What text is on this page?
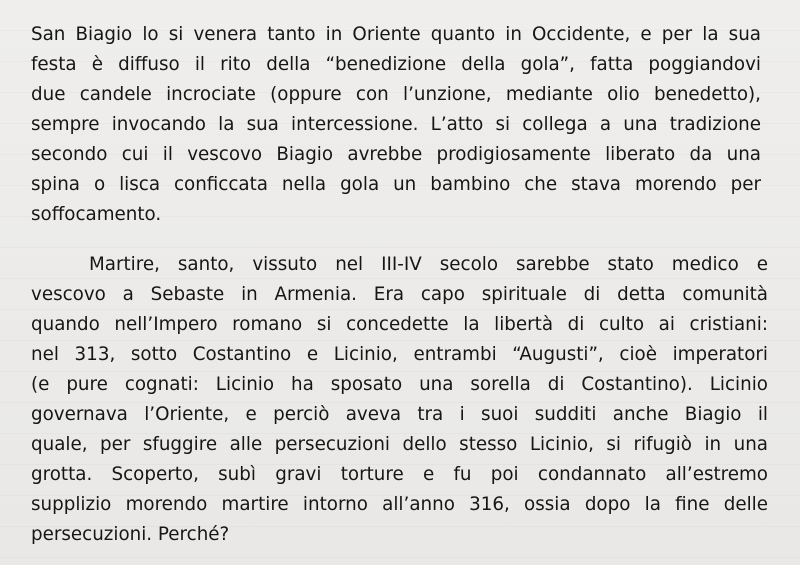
San Biagio lo si venera tanto in Oriente quanto in Occidente, e per la sua
festa è diffuso il rito della “benedizione della gola”, fatta poggiandovi
due candele incrociate (oppure con l’unzione, mediante olio benedetto),
sempre invocando la sua intercessione. L’atto si collega a una tradizione
secondo cui il vescovo Biagio avrebbe prodigiosamente liberato da una
spina o lisca conficcata nella gola un bambino che stava morendo per
soffocamento.
Martire, santo, vissuto nel III-IV secolo sarebbe stato medico e
vescovo a Sebaste in Armenia. Era capo spirituale di detta comunità
quando nell’Impero romano si concedette la libertà di culto ai cristiani:
nel 313, sotto Costantino e Licinio, entrambi “Augusti”, cioè imperatori
(e pure cognati: Licinio ha sposato una sorella di Costantino). Licinio
governava l’Oriente, e perciò aveva tra i suoi sudditi anche Biagio il
quale, per sfuggire alle persecuzioni dello stesso Licinio, si rifugiò in una
grotta. Scoperto, subì gravi torture e fu poi condannato all’estremo
supplizio morendo martire intorno all’anno 316, ossia dopo la fine delle
persecuzioni. Perché?
